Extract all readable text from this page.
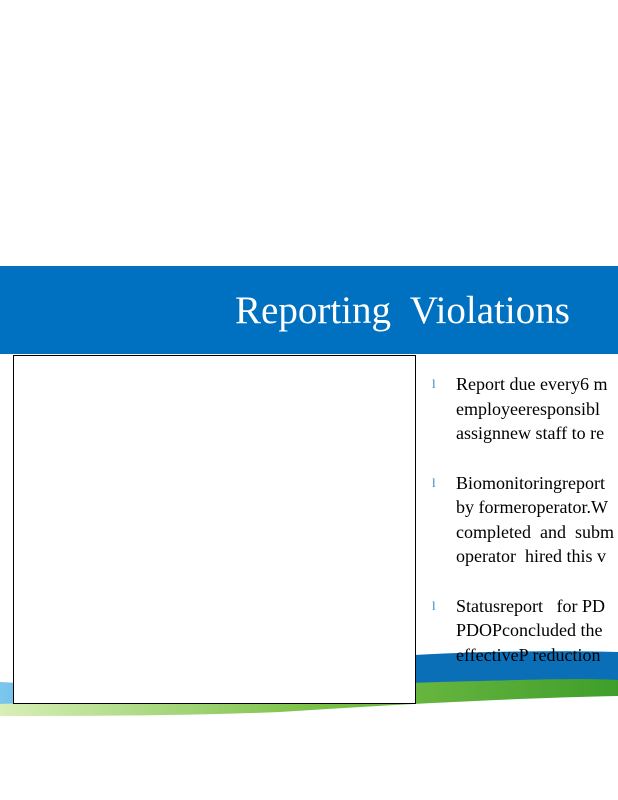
Reporting  Violations
l Report due every6 m
employeeresponsibl
assignnew staff to re
l Biomonitoringreport
by formeroperator.W
completed  and  subm
operator  hired this v
l Statusreport   for PD
PDOPconcluded the
effectiveP reduction
